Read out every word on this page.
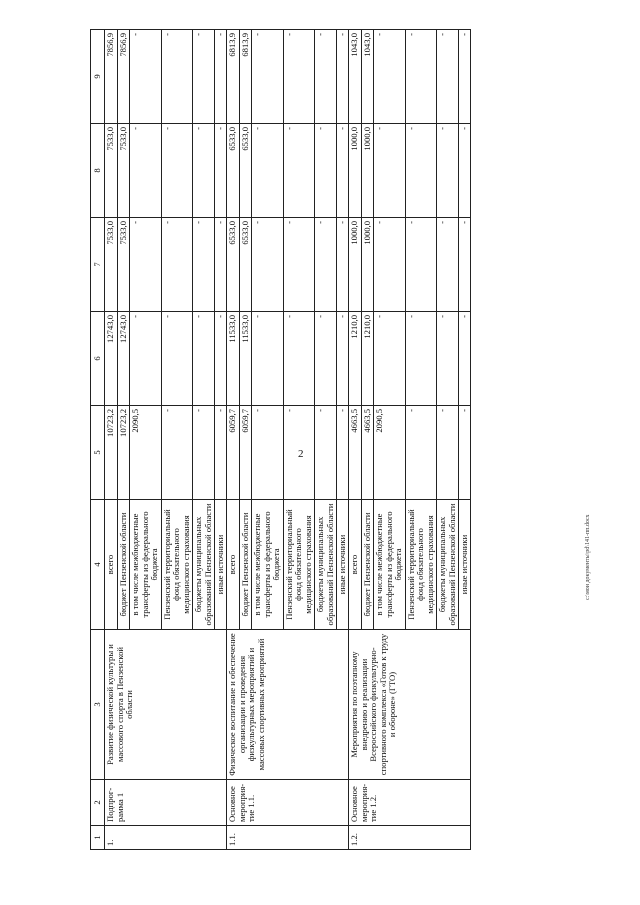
2
1	2	3	4	5	6	7	8	9
1.	Подпрог-рамма 1	Развитие физической культуры и массового спорта в Пензенской области	всего	10723,2	12743,0	7533,0	7533,0	7856,9
			бюджет Пензенской области	10723,2	12743,0	7533,0	7533,0	7856,9
			в том числе межбюджетные трансферты из федерального бюджета	2090,5	-	-	-	-
			Пензенский территориальный фонд обязательного медицинского страхования	-	-	-	-	-
			бюджеты муниципальных образований Пензенской области	-	-	-	-	-
			иные источники	-	-	-	-	-
1.1.	Основное мероприя-тие 1.1.	Физическое воспитание и обеспечение организации и проведения физкультурных мероприятий и массовых спортивных мероприятий	всего	6059,7	11533,0	6533,0	6533,0	6813,9
			бюджет Пензенской области	6059,7	11533,0	6533,0	6533,0	6813,9
			в том числе межбюджетные трансферты из федерального бюджета	-	-	-	-	-
			Пензенский территориальный фонд обязательного медицинского страхования	-	-	-	-	-
			бюджеты муниципальных образований Пензенской области	-	-	-	-	-
			иные источники	-	-	-	-	-
1.2.	Основное мероприя-тие 1.2.	Мероприятия по поэтапному внедрению и реализации Всероссийского физкультурно-спортивного комплекса «Готов к труду и обороне» (ГТО)	всего	4663,5	1210,0	1000,0	1000,0	1043,0
			бюджет Пензенской области	4663,5	1210,0	1000,0	1000,0	1043,0
			в том числе межбюджетные трансферты из федерального бюджета	2090,5	-	-	-	-
			Пензенский территориальный фонд обязательного медицинского страхования	-	-	-	-	-
			бюджеты муниципальных образований Пензенской области	-	-	-	-	-
			иные источники	-	-	-	-	-
c:\мои документы\рd\141-пп.docx
